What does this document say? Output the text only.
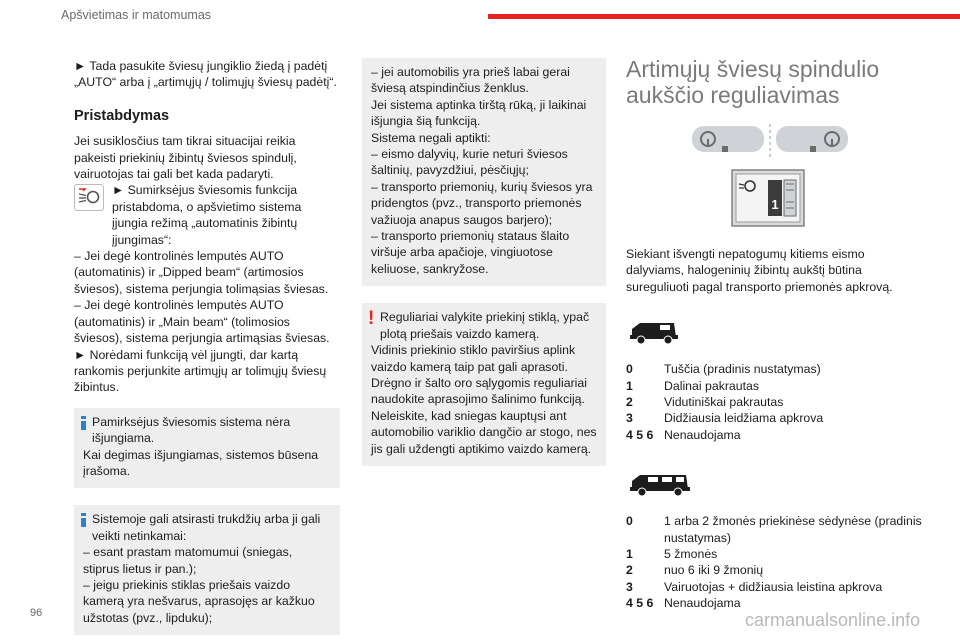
Apšvietimas ir matomumas

► Tada pasukite šviesų jungiklio žiedą į padėtį „AUTO“ arba į „artimųjų / tolimųjų šviesų padėtį“.

Pristabdymas

Jei susiklosčius tam tikrai situacijai reikia pakeisti priekinių žibintų šviesos spindulį, vairuotojas tai gali bet kada padaryti.

► Sumirksėjus šviesomis funkcija pristabdoma, o apšvietimo sistema įjungia režimą „automatinis žibintų įjungimas“:

– Jei degė kontrolinės lemputės AUTO (automatinis) ir „Dipped beam“ (artimosios šviesos), sistema perjungia tolimąsias šviesas.

– Jei degė kontrolinės lemputės AUTO (automatinis) ir „Main beam“ (tolimosios šviesos), sistema perjungia artimąsias šviesas.

► Norėdami funkciją vėl įjungti, dar kartą rankomis perjunkite artimųjų ar tolimųjų šviesų žibintus.

Pamirksėjus šviesomis sistema nėra išjungiama.

Kai degimas išjungiamas, sistemos būsena įrašoma.

Sistemoje gali atsirasti trukdžių arba ji gali veikti netinkamai:

– esant prastam matomumui (sniegas, stiprus lietus ir pan.);

– jeigu priekinis stiklas priešais vaizdo kamerą yra nešvarus, aprasojęs ar kažkuo užstotas (pvz., lipduku);

– jei automobilis yra prieš labai gerai šviesą atspindinčius ženklus.

Jei sistema aptinka tirštą rūką, ji laikinai išjungia šią funkciją.

Sistema negali aptikti:

– eismo dalyvių, kurie neturi šviesos šaltinių, pavyzdžiui, pėsčiųjų;

– transporto priemonių, kurių šviesos yra pridengtos (pvz., transporto priemonės važiuoja anapus saugos barjero);

– transporto priemonių stataus šlaito viršuje arba apačioje, vingiuotose keliuose, sankryžose.

! Reguliariai valykite priekinį stiklą, ypač plotą priešais vaizdo kamerą.

Vidinis priekinio stiklo paviršius aplink vaizdo kamerą taip pat gali aprasoti. Drėgno ir šalto oro sąlygomis reguliariai naudokite aprasojimo šalinimo funkciją.

Neleiskite, kad sniegas kauptųsi ant automobilio variklio dangčio ar stogo, nes jis gali uždengti aptikimo vaizdo kamerą.

Artimųjų šviesų spindulio aukščio reguliavimas
1

Siekiant išvengti nepatogumų kitiems eismo dalyviams, halogeninių žibintų aukštį būtina sureguliuoti pagal transporto priemonės apkrovą.

0	Tuščia (pradinis nustatymas)
1	Dalinai pakrautas
2	Vidutiniškai pakrautas
3	Didžiausia leidžiama apkrova
4 5 6 Nenaudojama
0	1 arba 2 žmonės priekinėse sėdynėse (pradinis nustatymas)
1	5 žmonės
2	nuo 6 iki 9 žmonių
3	Vairuotojas + didžiausia leistina apkrova
4 5 6 Nenaudojama
96	carmanualsonline.info
